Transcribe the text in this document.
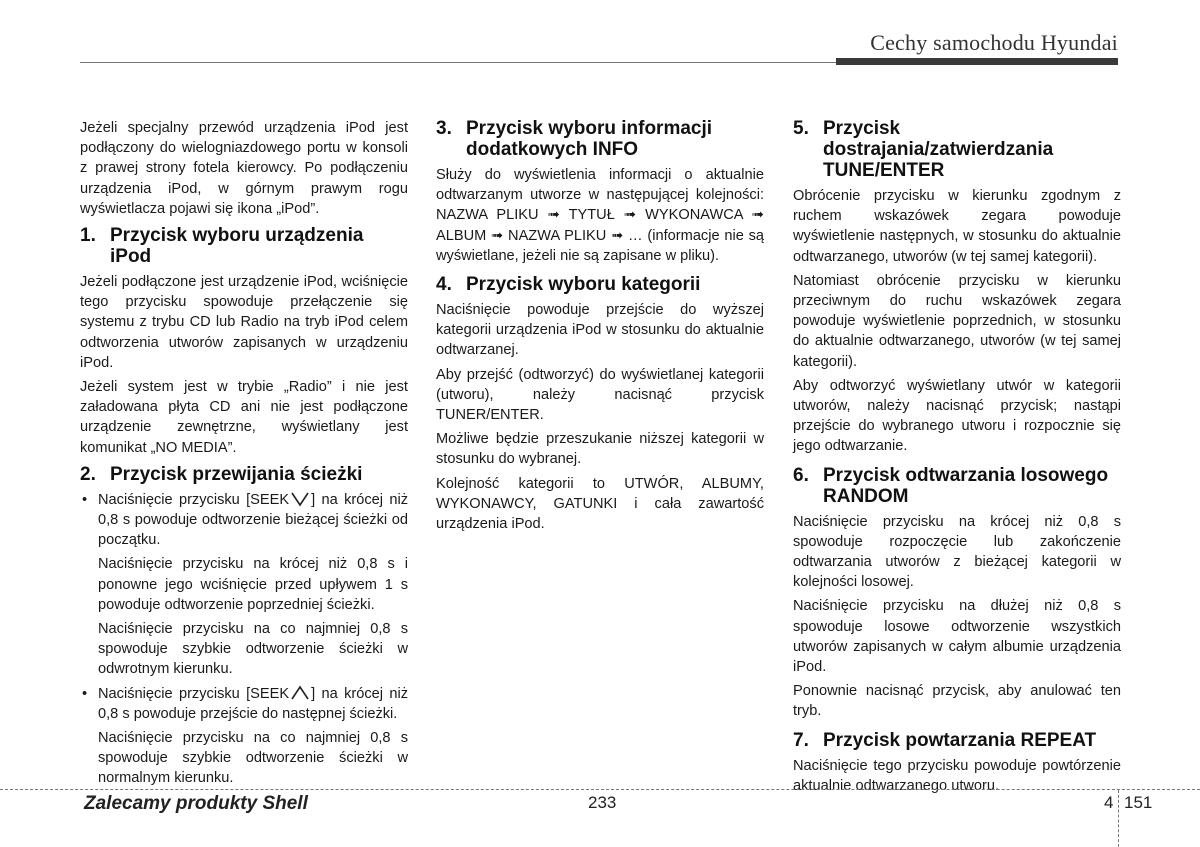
Cechy samochodu Hyundai

Jeżeli specjalny przewód urządzenia iPod jest podłączony do wielogniazdowego portu w konsoli z prawej strony fotela kierowcy. Po podłączeniu urządzenia iPod, w górnym prawym rogu wyświetlacza pojawi się ikona „iPod”.

1. Przycisk wyboru urządzenia iPod

Jeżeli podłączone jest urządzenie iPod, wciśnięcie tego przycisku spowoduje przełączenie się systemu z trybu CD lub Radio na tryb iPod celem odtworzenia utworów zapisanych w urządzeniu iPod.

Jeżeli system jest w trybie „Radio” i nie jest załadowana płyta CD ani nie jest podłączone urządzenie zewnętrzne, wyświetlany jest komunikat „NO MEDIA”.

2. Przycisk przewijania ścieżki
• Naciśnięcie przycisku [SEEK ] na krócej niż 0,8 s powoduje odtworzenie bieżącej ścieżki od początku.

Naciśnięcie przycisku na krócej niż 0,8 s i ponowne jego wciśnięcie przed upływem 1 s powoduje odtworzenie poprzedniej ścieżki.

Naciśnięcie przycisku na co najmniej 0,8 s spowoduje szybkie odtworzenie ścieżki w odwrotnym kierunku.

• Naciśnięcie przycisku [SEEK ] na krócej niż 0,8 s powoduje przejście do następnej ścieżki.

Naciśnięcie przycisku na co najmniej 0,8 s spowoduje szybkie odtworzenie ścieżki w normalnym kierunku.

3. Przycisk wyboru informacji dodatkowych INFO

Służy do wyświetlenia informacji o aktualnie odtwarzanym utworze w następującej kolejności: NAZWA PLIKU ➟ TYTUŁ ➟ WYKONAWCA ➟ ALBUM ➟ NAZWA PLIKU ➟ … (informacje nie są wyświetlane, jeżeli nie są zapisane w pliku).

4. Przycisk wyboru kategorii

Naciśnięcie powoduje przejście do wyższej kategorii urządzenia iPod w stosunku do aktualnie odtwarzanej.

Aby przejść (odtworzyć) do wyświetlanej kategorii (utworu), należy nacisnąć przycisk TUNER/ENTER.

Możliwe będzie przeszukanie niższej kategorii w stosunku do wybranej.

Kolejność kategorii to UTWÓR, ALBUMY, WYKONAWCY, GATUNKI i cała zawartość urządzenia iPod.

5. Przycisk dostrajania/zatwierdzania TUNE/ENTER

Obrócenie przycisku w kierunku zgodnym z ruchem wskazówek zegara powoduje wyświetlenie następnych, w stosunku do aktualnie odtwarzanego, utworów (w tej samej kategorii).

Natomiast obrócenie przycisku w kierunku przeciwnym do ruchu wskazówek zegara powoduje wyświetlenie poprzednich, w stosunku do aktualnie odtwarzanego, utworów (w tej samej kategorii).

Aby odtworzyć wyświetlany utwór w kategorii utworów, należy nacisnąć przycisk; nastąpi przejście do wybranego utworu i rozpocznie się jego odtwarzanie.

6. Przycisk odtwarzania losowego RANDOM

Naciśnięcie przycisku na krócej niż 0,8 s spowoduje rozpoczęcie lub zakończenie odtwarzania utworów z bieżącej kategorii w kolejności losowej.

Naciśnięcie przycisku na dłużej niż 0,8 s spowoduje losowe odtworzenie wszystkich utworów zapisanych w całym albumie urządzenia iPod.

Ponownie nacisnąć przycisk, aby anulować ten tryb.

7. Przycisk powtarzania REPEAT

Naciśnięcie tego przycisku powoduje powtórzenie aktualnie odtwarzanego utworu.

Zalecamy produkty Shell	233	4 151
